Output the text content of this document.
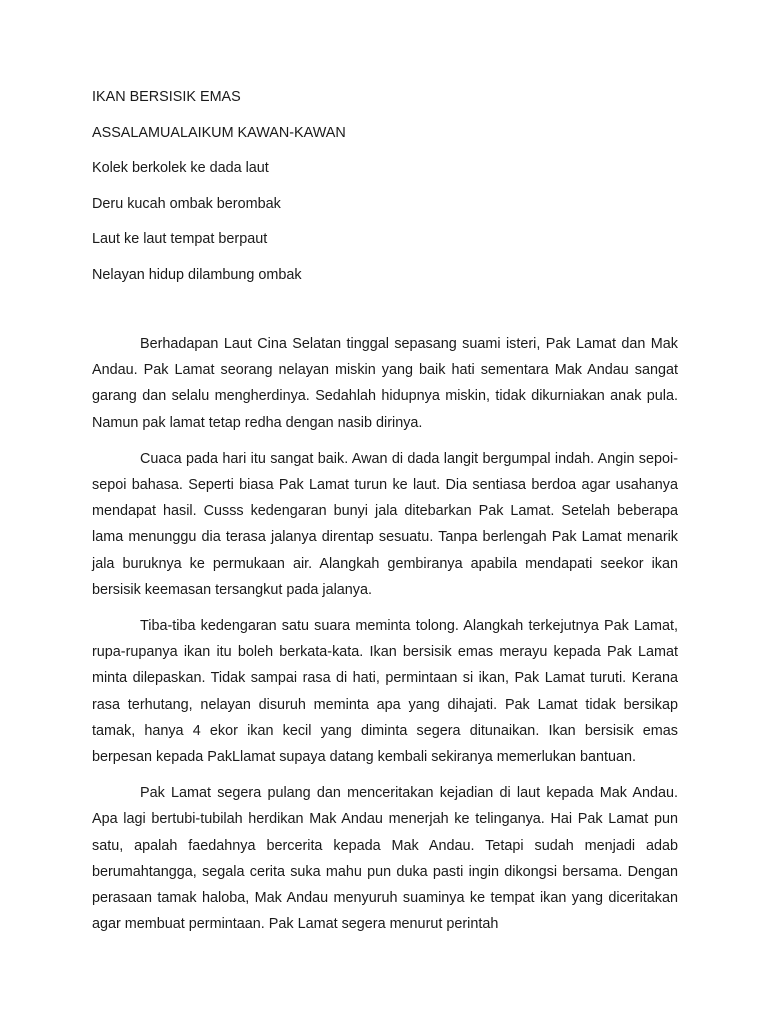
IKAN BERSISIK EMAS
ASSALAMUALAIKUM KAWAN-KAWAN
Kolek berkolek ke dada laut
Deru kucah ombak berombak
Laut ke laut tempat berpaut
Nelayan hidup dilambung ombak

Berhadapan Laut Cina Selatan tinggal sepasang suami isteri, Pak Lamat dan Mak Andau. Pak Lamat seorang nelayan miskin yang baik hati sementara Mak Andau sangat garang dan selalu mengherdinya. Sedahlah hidupnya miskin, tidak dikurniakan anak pula. Namun pak lamat tetap redha dengan nasib dirinya.

Cuaca pada hari itu sangat baik. Awan di dada langit bergumpal indah. Angin sepoi-sepoi bahasa. Seperti biasa Pak Lamat turun ke laut. Dia sentiasa berdoa agar usahanya mendapat hasil. Cusss kedengaran bunyi jala ditebarkan Pak Lamat. Setelah beberapa lama menunggu dia terasa jalanya direntap sesuatu. Tanpa berlengah Pak Lamat menarik jala buruknya ke permukaan air. Alangkah gembiranya apabila mendapati seekor ikan bersisik keemasan tersangkut pada jalanya.

Tiba-tiba kedengaran satu suara meminta tolong. Alangkah terkejutnya Pak Lamat, rupa-rupanya ikan itu boleh berkata-kata. Ikan bersisik emas merayu kepada Pak Lamat minta dilepaskan. Tidak sampai rasa di hati, permintaan si ikan, Pak Lamat turuti. Kerana rasa terhutang, nelayan disuruh meminta apa yang dihajati. Pak Lamat tidak bersikap tamak, hanya 4 ekor ikan kecil yang diminta segera ditunaikan. Ikan bersisik emas berpesan kepada PakLlamat supaya datang kembali sekiranya memerlukan bantuan.

Pak Lamat segera pulang dan menceritakan kejadian di laut kepada Mak Andau. Apa lagi bertubi-tubilah herdikan Mak Andau menerjah ke telinganya. Hai Pak Lamat pun satu, apalah faedahnya bercerita kepada Mak Andau. Tetapi sudah menjadi adab berumahtangga, segala cerita suka mahu pun duka pasti ingin dikongsi bersama. Dengan perasaan tamak haloba, Mak Andau menyuruh suaminya ke tempat ikan yang diceritakan agar membuat permintaan. Pak Lamat segera menurut perintah
